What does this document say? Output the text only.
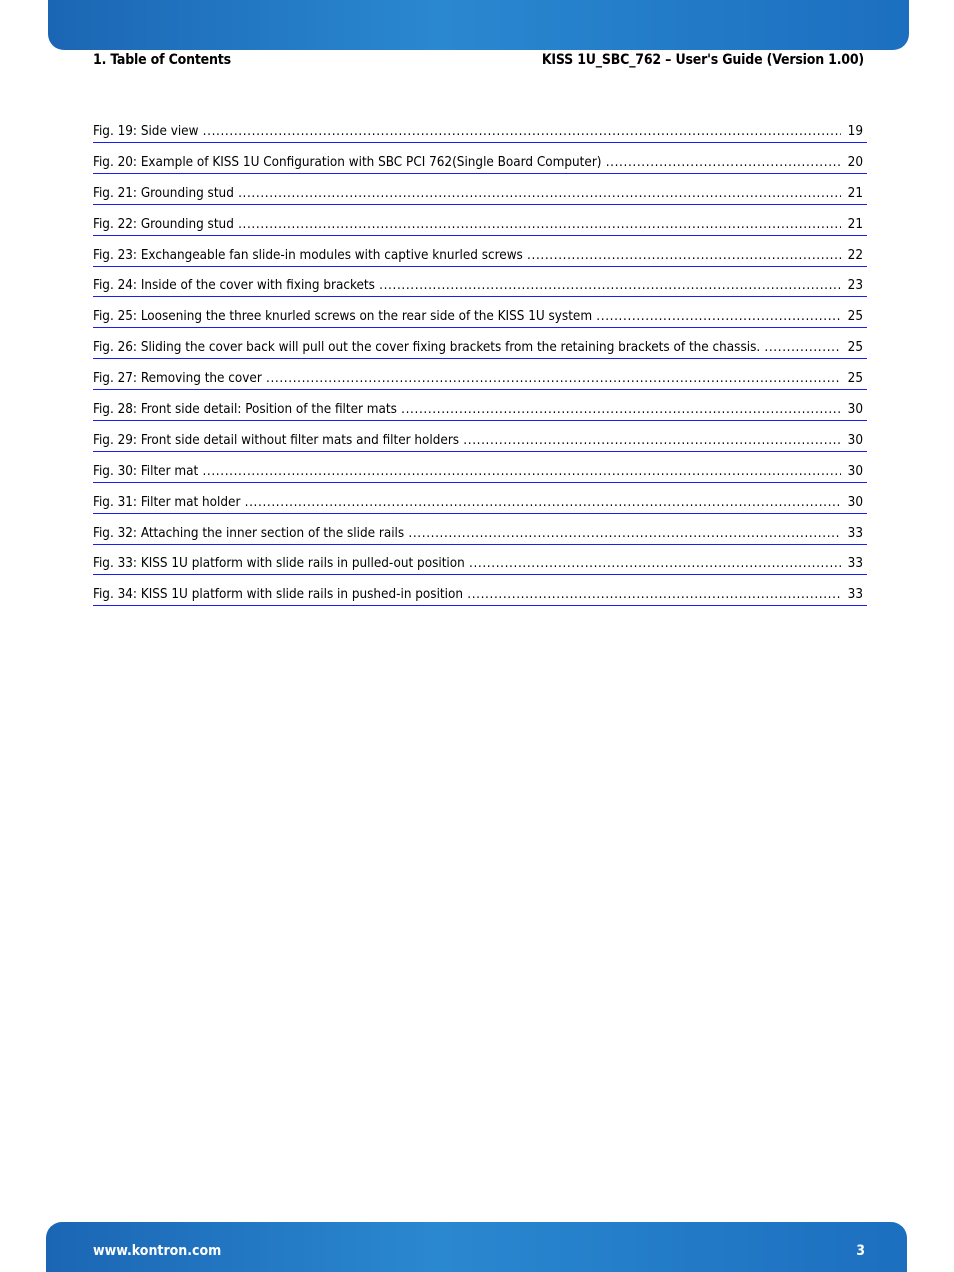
1. Table of Contents	KISS 1U_SBC_762 – User's Guide (Version 1.00)
Fig. 19: Side view . . .	19
Fig. 20: Example of KISS 1U Configuration with SBC PCI 762(Single Board Computer) . . .	20
Fig. 21: Grounding stud . . .	21
Fig. 22: Grounding stud . . .	21
Fig. 23: Exchangeable fan slide-in modules with captive knurled screws . . .	22
Fig. 24: Inside of the cover with fixing brackets . . .	23
Fig. 25: Loosening the three knurled screws on the rear side of the KISS 1U system . . .	25
Fig. 26: Sliding the cover back will pull out the cover fixing brackets from the retaining brackets of the chassis. . . .	25
Fig. 27: Removing the cover . . .	25
Fig. 28: Front side detail: Position of the filter mats . . .	30
Fig. 29: Front side detail without filter mats and filter holders . . .	30
Fig. 30: Filter mat . . .	30
Fig. 31: Filter mat holder . . .	30
Fig. 32: Attaching the inner section of the slide rails . . .	33
Fig. 33: KISS 1U platform with slide rails in pulled-out position . . .	33
Fig. 34: KISS 1U platform with slide rails in pushed-in position . . .	33
www.kontron.com	3
